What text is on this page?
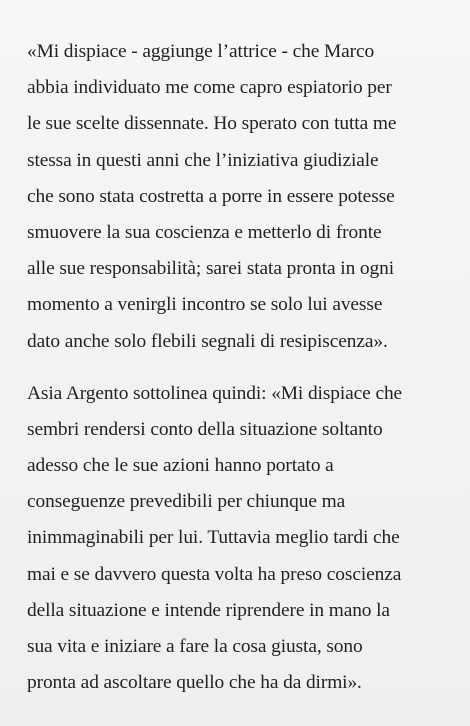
«Mi dispiace - aggiunge l’attrice - che Marco
abbia individuato me come capro espiatorio per
le sue scelte dissennate. Ho sperato con tutta me
stessa in questi anni che l’iniziativa giudiziale
che sono stata costretta a porre in essere potesse
smuovere la sua coscienza e metterlo di fronte
alle sue responsabilità; sarei stata pronta in ogni
momento a venirgli incontro se solo lui avesse
dato anche solo flebili segnali di resipiscenza».

Asia Argento sottolinea quindi: «Mi dispiace che
sembri rendersi conto della situazione soltanto
adesso che le sue azioni hanno portato a
conseguenze prevedibili per chiunque ma
inimmaginabili per lui. Tuttavia meglio tardi che
mai e se davvero questa volta ha preso coscienza
della situazione e intende riprendere in mano la
sua vita e iniziare a fare la cosa giusta, sono
pronta ad ascoltare quello che ha da dirmi».
